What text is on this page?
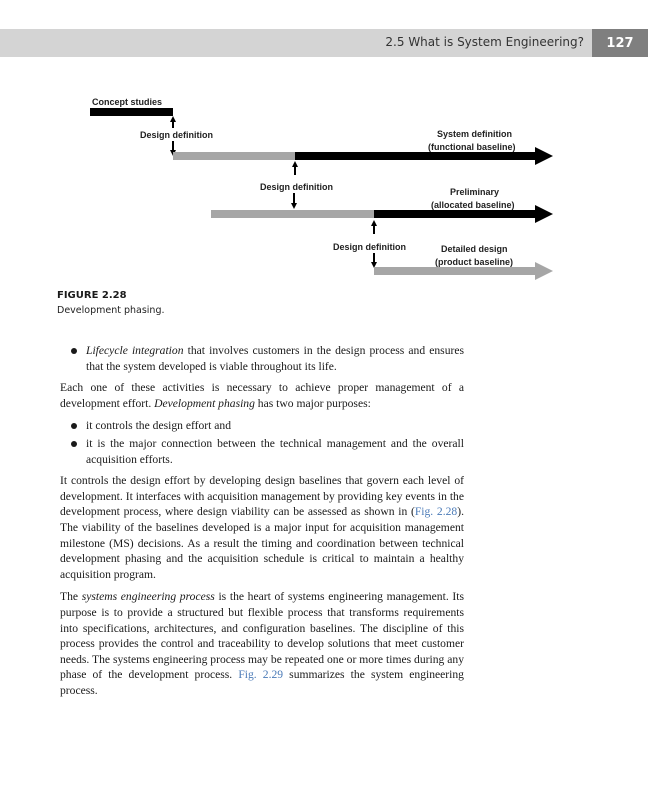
2.5 What is System Engineering?	127
Concept studies
Design definition	System definition
(functional baseline)
Design definition	Preliminary
(allocated baseline)
Design definition	Detailed design
(product baseline)
FIGURE 2.28
Development phasing.
Lifecycle integration that involves customers in the design process and ensures that the system developed is viable throughout its life.

Each one of these activities is necessary to achieve proper management of a development effort. Development phasing has two major purposes:

it controls the design effort and
it is the major connection between the technical management and the overall acquisition efforts.

It controls the design effort by developing design baselines that govern each level of development. It interfaces with acquisition management by providing key events in the development process, where design viability can be assessed as shown in (Fig. 2.28). The viability of the baselines developed is a major input for acquisition management milestone (MS) decisions. As a result the timing and coordination between technical development phasing and the acquisition schedule is critical to maintain a healthy acquisition program.

The systems engineering process is the heart of systems engineering management. Its purpose is to provide a structured but flexible process that transforms requirements into specifications, architectures, and configuration baselines. The discipline of this process provides the control and traceability to develop solutions that meet customer needs. The systems engineering process may be repeated one or more times during any phase of the development process. Fig. 2.29 summarizes the system engineering process.
